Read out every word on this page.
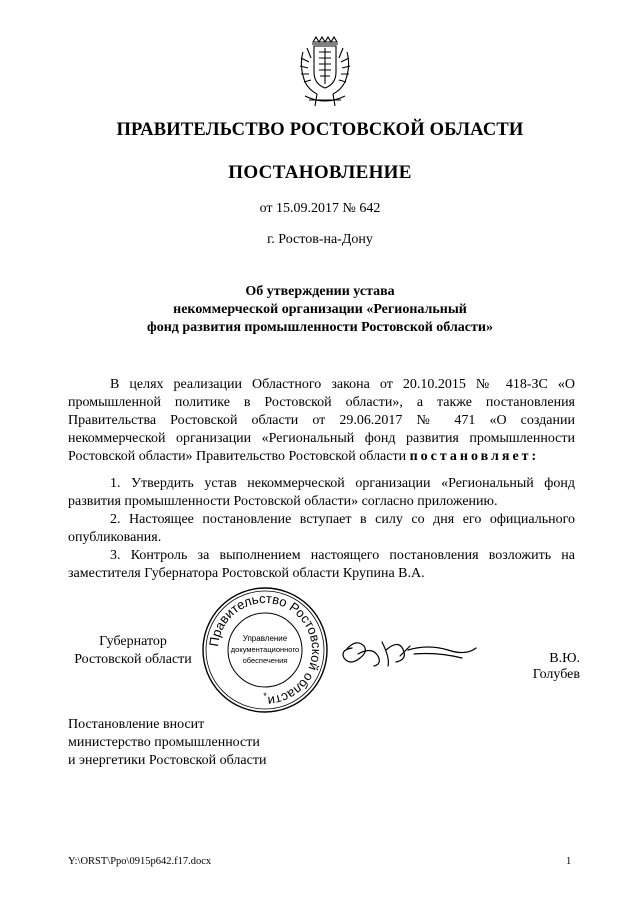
ПРАВИТЕЛЬСТВО РОСТОВСКОЙ ОБЛАСТИ
ПОСТАНОВЛЕНИЕ
от 15.09.2017 № 642
г. Ростов-на-Дону
Об утверждении устава
некоммерческой организации «Региональный
фонд развития промышленности Ростовской области»
В целях реализации Областного закона от 20.10.2015 № 418-ЗС «О промышленной политике в Ростовской области», а также постановления Правительства Ростовской области от 29.06.2017 № 471 «О создании некоммерческой организации «Региональный фонд развития промышленности Ростовской области» Правительство Ростовской области постановляет:
1. Утвердить устав некоммерческой организации «Региональный фонд развития промышленности Ростовской области» согласно приложению.
2. Настоящее постановление вступает в силу со дня его официального опубликования.
3. Контроль за выполнением настоящего постановления возложить на заместителя Губернатора Ростовской области Крупина В.А.
Губернатор
Ростовской области
Правительство Ростовской области
Управление
документационного
обеспечения
*
В.Ю. Голубев
Постановление вносит
министерство промышленности
и энергетики Ростовской области
Y:\ORST\Ppo\0915p642.f17.docx	1
